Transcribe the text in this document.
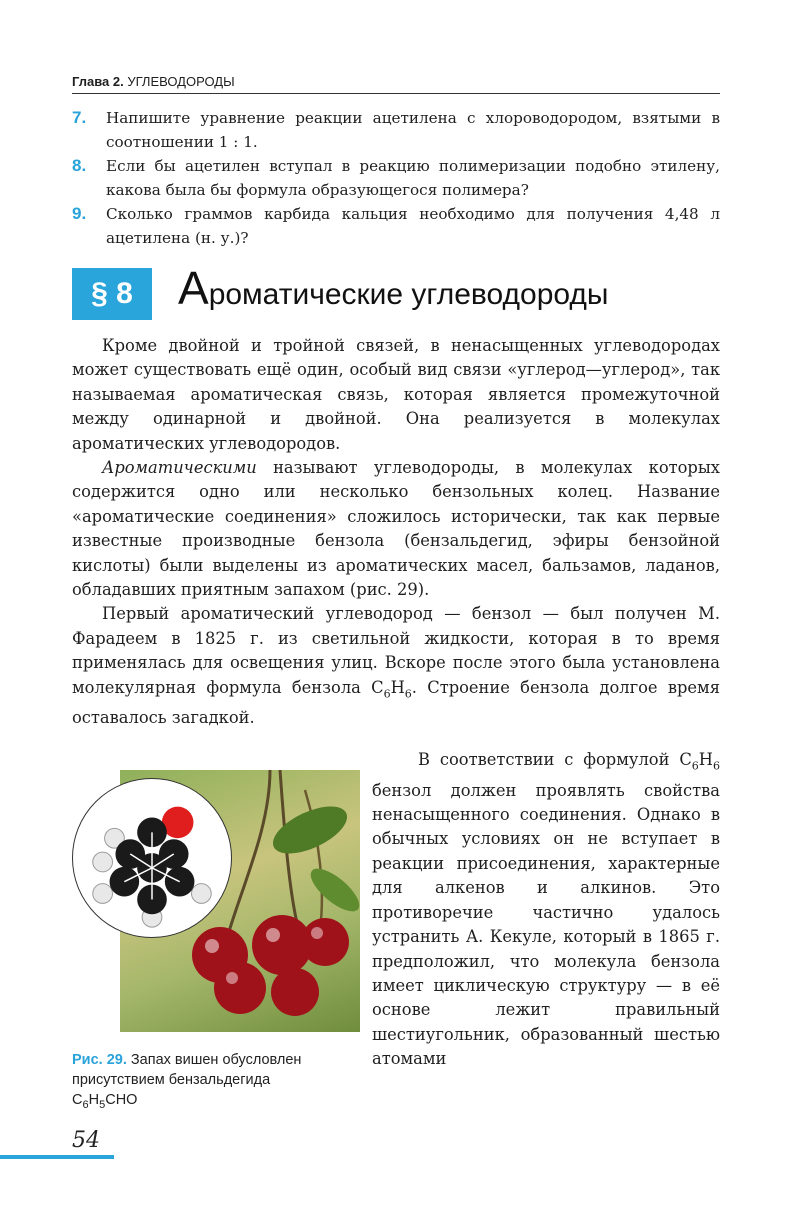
Глава 2. УГЛЕВОДОРОДЫ
7. Напишите уравнение реакции ацетилена с хлороводородом, взятыми в соотношении 1 : 1.
8. Если бы ацетилен вступал в реакцию полимеризации подобно этилену, какова была бы формула образующегося полимера?
9. Сколько граммов карбида кальция необходимо для получения 4,48 л ацетилена (н. у.)?
§ 8 Ароматические углеводороды

Кроме двойной и тройной связей, в ненасыщенных углеводородах может существовать ещё один, особый вид связи «углерод—углерод», так называемая ароматическая связь, которая является промежуточной между одинарной и двойной. Она реализуется в молекулах ароматических углеводородов.

Ароматическими называют углеводороды, в молекулах которых содержится одно или несколько бензольных колец. Название «ароматические соединения» сложилось исторически, так как первые известные производные бензола (бензальдегид, эфиры бензойной кислоты) были выделены из ароматических масел, бальзамов, ладанов, обладавших приятным запахом (рис. 29).

Первый ароматический углеводород — бензол — был получен М. Фарадеем в 1825 г. из светильной жидкости, которая в то время применялась для освещения улиц. Вскоре после этого была установлена молекулярная формула бензола $C_6H_6$. Строение бензола долгое время оставалось загадкой.

В соответствии с формулой $C_6H_6$ бензол должен проявлять свойства ненасыщенного соединения. Однако в обычных условиях он не вступает в реакции присоединения, характерные для алкенов и алкинов. Это противоречие частично удалось устранить А. Кекуле, который в 1865 г. предположил, что молекула бензола имеет циклическую структуру — в её основе лежит правильный шестиугольник, образованный шестью атомами

Рис. 29. Запах вишен обусловлен присутствием бензальдегида $C_6H_5CHO$
54
